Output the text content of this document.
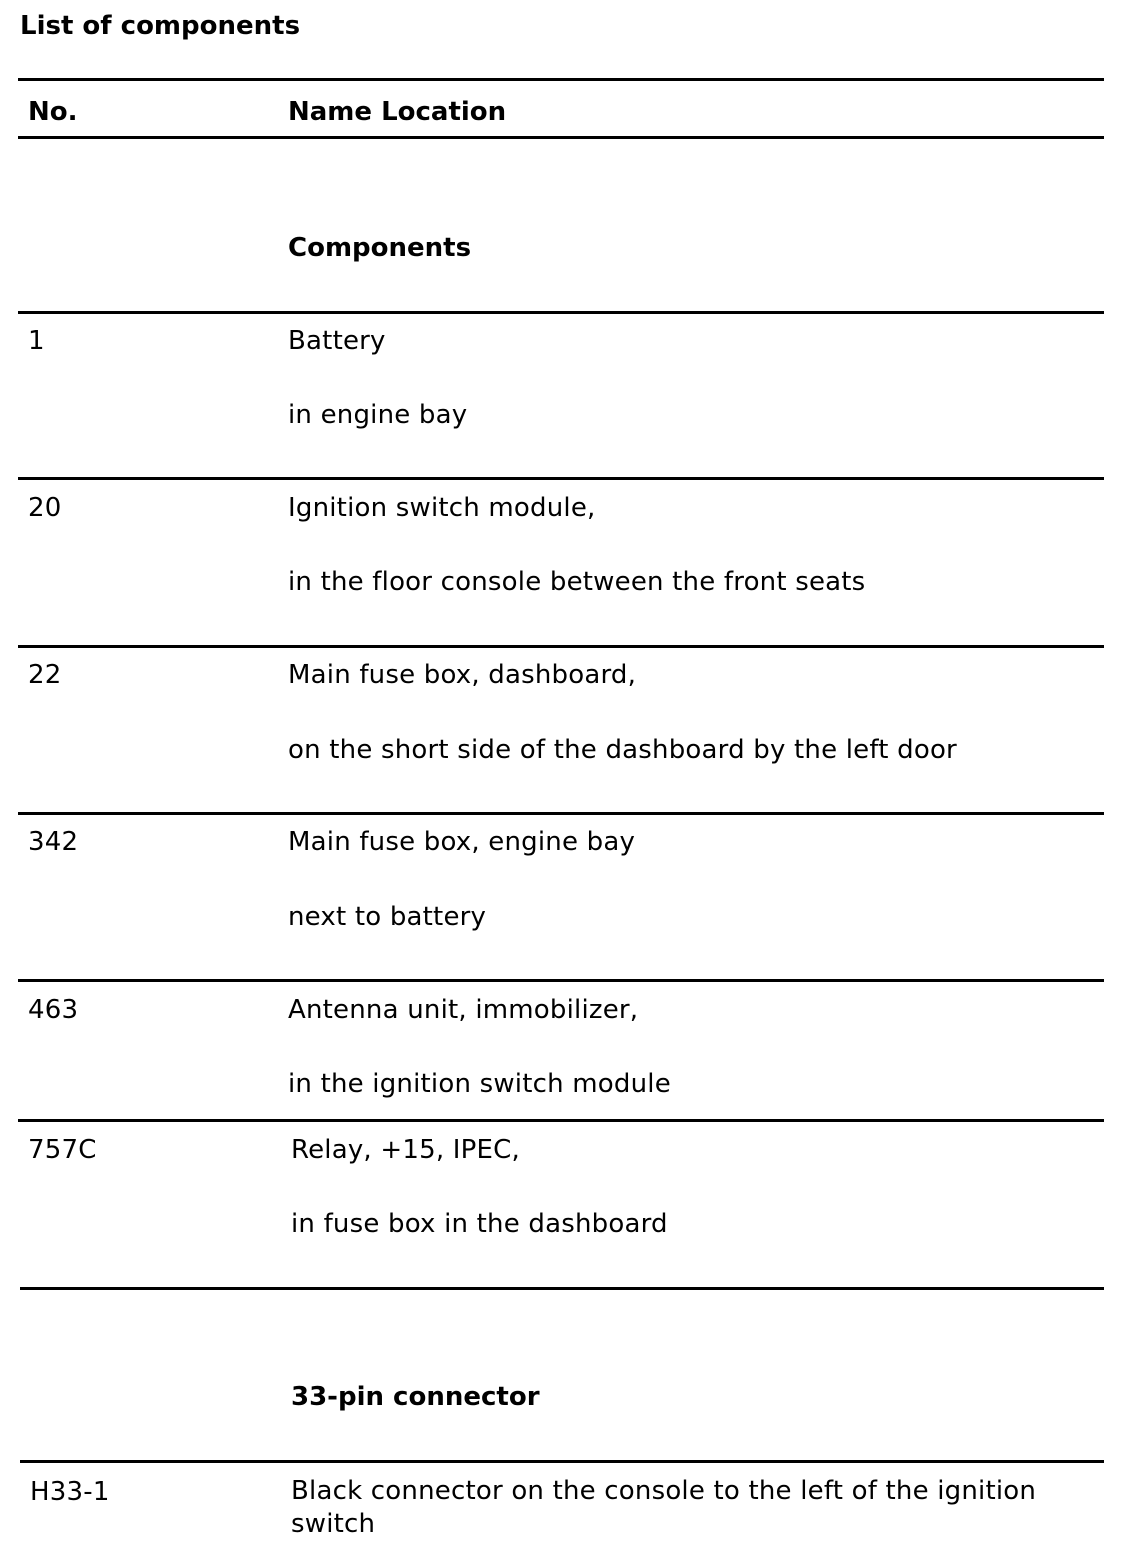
List of components
No.	Name Location
Components
1	Battery
in engine bay
20	Ignition switch module,
in the floor console between the front seats
22	Main fuse box, dashboard,
on the short side of the dashboard by the left door
342	Main fuse box, engine bay
next to battery
463	Antenna unit, immobilizer,
in the ignition switch module
757C	Relay, +15, IPEC,
in fuse box in the dashboard
33-pin connector
H33-1	Black connector on the console to the left of the ignition switch
